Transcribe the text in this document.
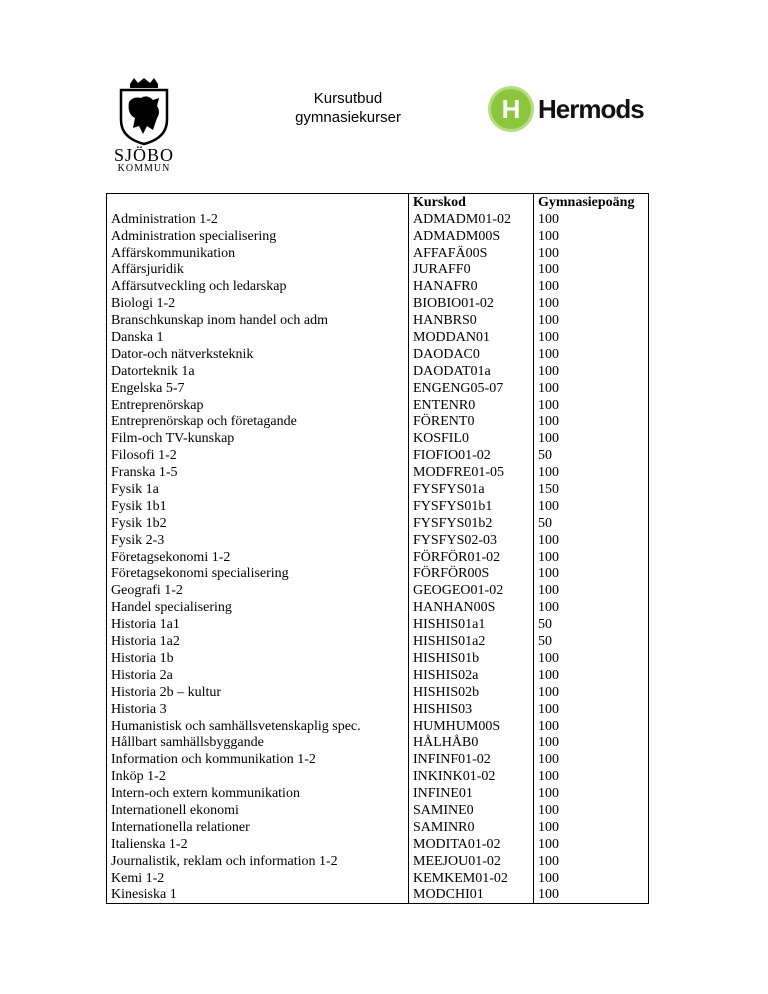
SJÖBO
KOMMUN
Kursutbud
gymnasiekurser	H Hermods
	Kurskod	Gymnasiepoäng
Administration 1-2	ADMADM01-02	100
Administration specialisering	ADMADM00S	100
Affärskommunikation	AFFAFÄ00S	100
Affärsjuridik	JURAFF0	100
Affärsutveckling och ledarskap	HANAFR0	100
Biologi 1-2	BIOBIO01-02	100
Branschkunskap inom handel och adm	HANBRS0	100
Danska 1	MODDAN01	100
Dator-och nätverksteknik	DAODAC0	100
Datorteknik 1a	DAODAT01a	100
Engelska 5-7	ENGENG05-07	100
Entreprenörskap	ENTENR0	100
Entreprenörskap och företagande	FÖRENT0	100
Film-och TV-kunskap	KOSFIL0	100
Filosofi 1-2	FIOFIO01-02	50
Franska 1-5	MODFRE01-05	100
Fysik 1a	FYSFYS01a	150
Fysik 1b1	FYSFYS01b1	100
Fysik 1b2	FYSFYS01b2	50
Fysik 2-3	FYSFYS02-03	100
Företagsekonomi 1-2	FÖRFÖR01-02	100
Företagsekonomi specialisering	FÖRFÖR00S	100
Geografi 1-2	GEOGEO01-02	100
Handel specialisering	HANHAN00S	100
Historia 1a1	HISHIS01a1	50
Historia 1a2	HISHIS01a2	50
Historia 1b	HISHIS01b	100
Historia 2a	HISHIS02a	100
Historia 2b – kultur	HISHIS02b	100
Historia 3	HISHIS03	100
Humanistisk och samhällsvetenskaplig spec.	HUMHUM00S	100
Hållbart samhällsbyggande	HÅLHÅB0	100
Information och kommunikation 1-2	INFINF01-02	100
Inköp 1-2	INKINK01-02	100
Intern-och extern kommunikation	INFINE01	100
Internationell ekonomi	SAMINE0	100
Internationella relationer	SAMINR0	100
Italienska 1-2	MODITA01-02	100
Journalistik, reklam och information 1-2	MEEJOU01-02	100
Kemi 1-2	KEMKEM01-02	100
Kinesiska 1	MODCHI01	100
